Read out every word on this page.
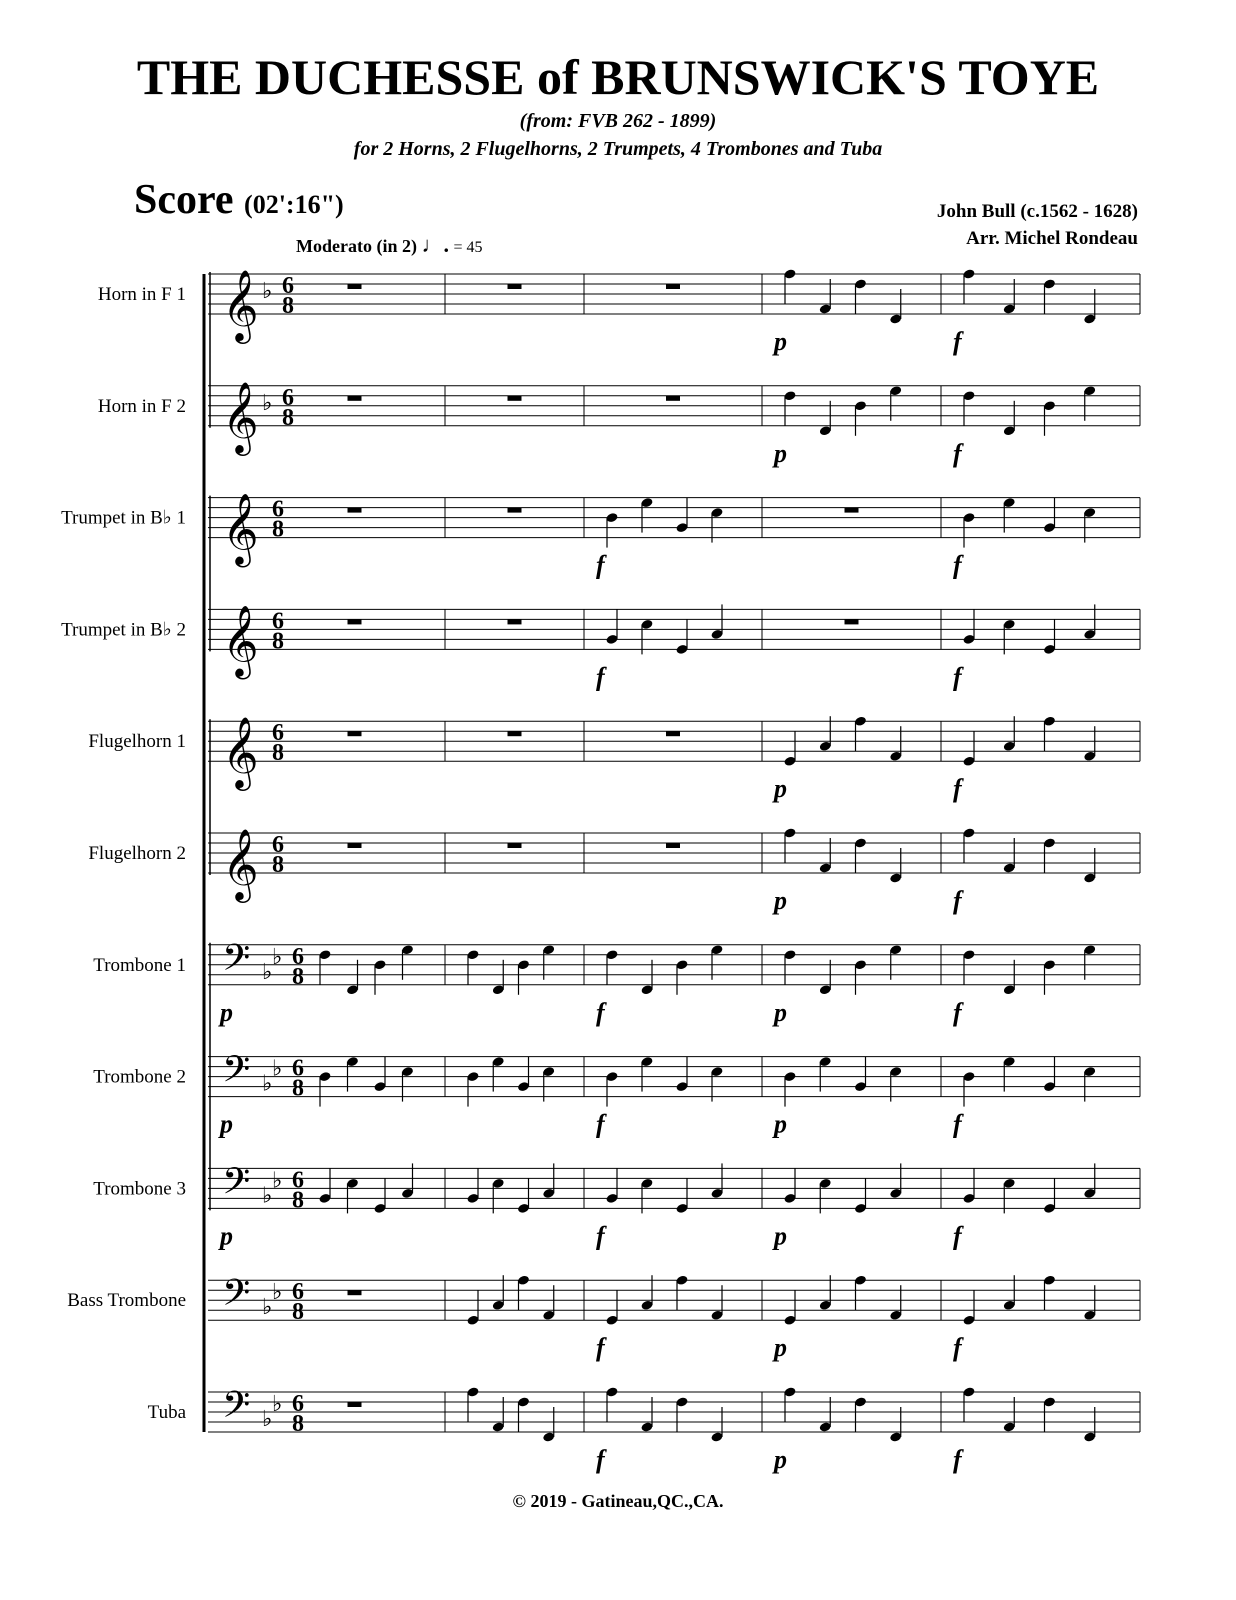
THE DUCHESSE of BRUNSWICK'S TOYE
(from: FVB 262 - 1899)
for 2 Horns, 2 Flugelhorns, 2 Trumpets, 4 Trombones and Tuba
Score (02':16")	John Bull (c.1562 - 1628)
Arr. Michel Rondeau
Moderato (in 2) ♩. = 45
Horn in F 1 𝄞 ♭ 6
8
p	f
Horn in F 2 𝄞 ♭ 6
8
p	f
Trumpet in B♭ 1 𝄞 6
8
f	f
Trumpet in B♭ 2 𝄞 6
8
f	f
Flugelhorn 1 𝄞 6
8
p	f
Flugelhorn 2 𝄞 6
8
p	f
Trombone 1 𝄢 ♭
♭ 6
8
p	f	p	f
Trombone 2 𝄢 ♭
♭ 6
8
p	f	p	f
Trombone 3 𝄢 ♭
♭ 6
8
p	f	p	f
Bass Trombone 𝄢 ♭
♭ 6
8
f	p	f
Tuba 𝄢 ♭
♭ 6
8
f	p	f
© 2019 - Gatineau,QC.,CA.
